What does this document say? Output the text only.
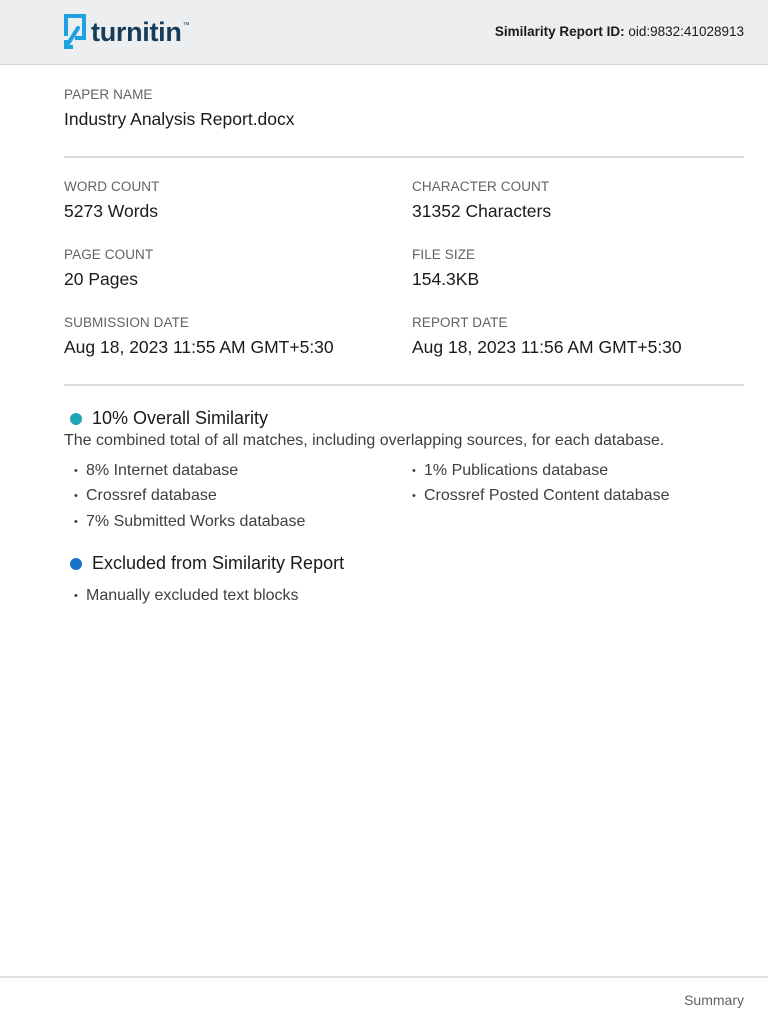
turnitin ™	Similarity Report ID: oid:9832:41028913
PAPER NAME
Industry Analysis Report.docx
WORD COUNT
5273 Words
CHARACTER COUNT
31352 Characters
PAGE COUNT
20 Pages
FILE SIZE
154.3KB
SUBMISSION DATE
Aug 18, 2023 11:55 AM GMT+5:30
REPORT DATE
Aug 18, 2023 11:56 AM GMT+5:30
10% Overall Similarity
The combined total of all matches, including overlapping sources, for each database.
• 8% Internet database
• Crossref database
• 7% Submitted Works database
• 1% Publications database
• Crossref Posted Content database
Excluded from Similarity Report
• Manually excluded text blocks
Summary
